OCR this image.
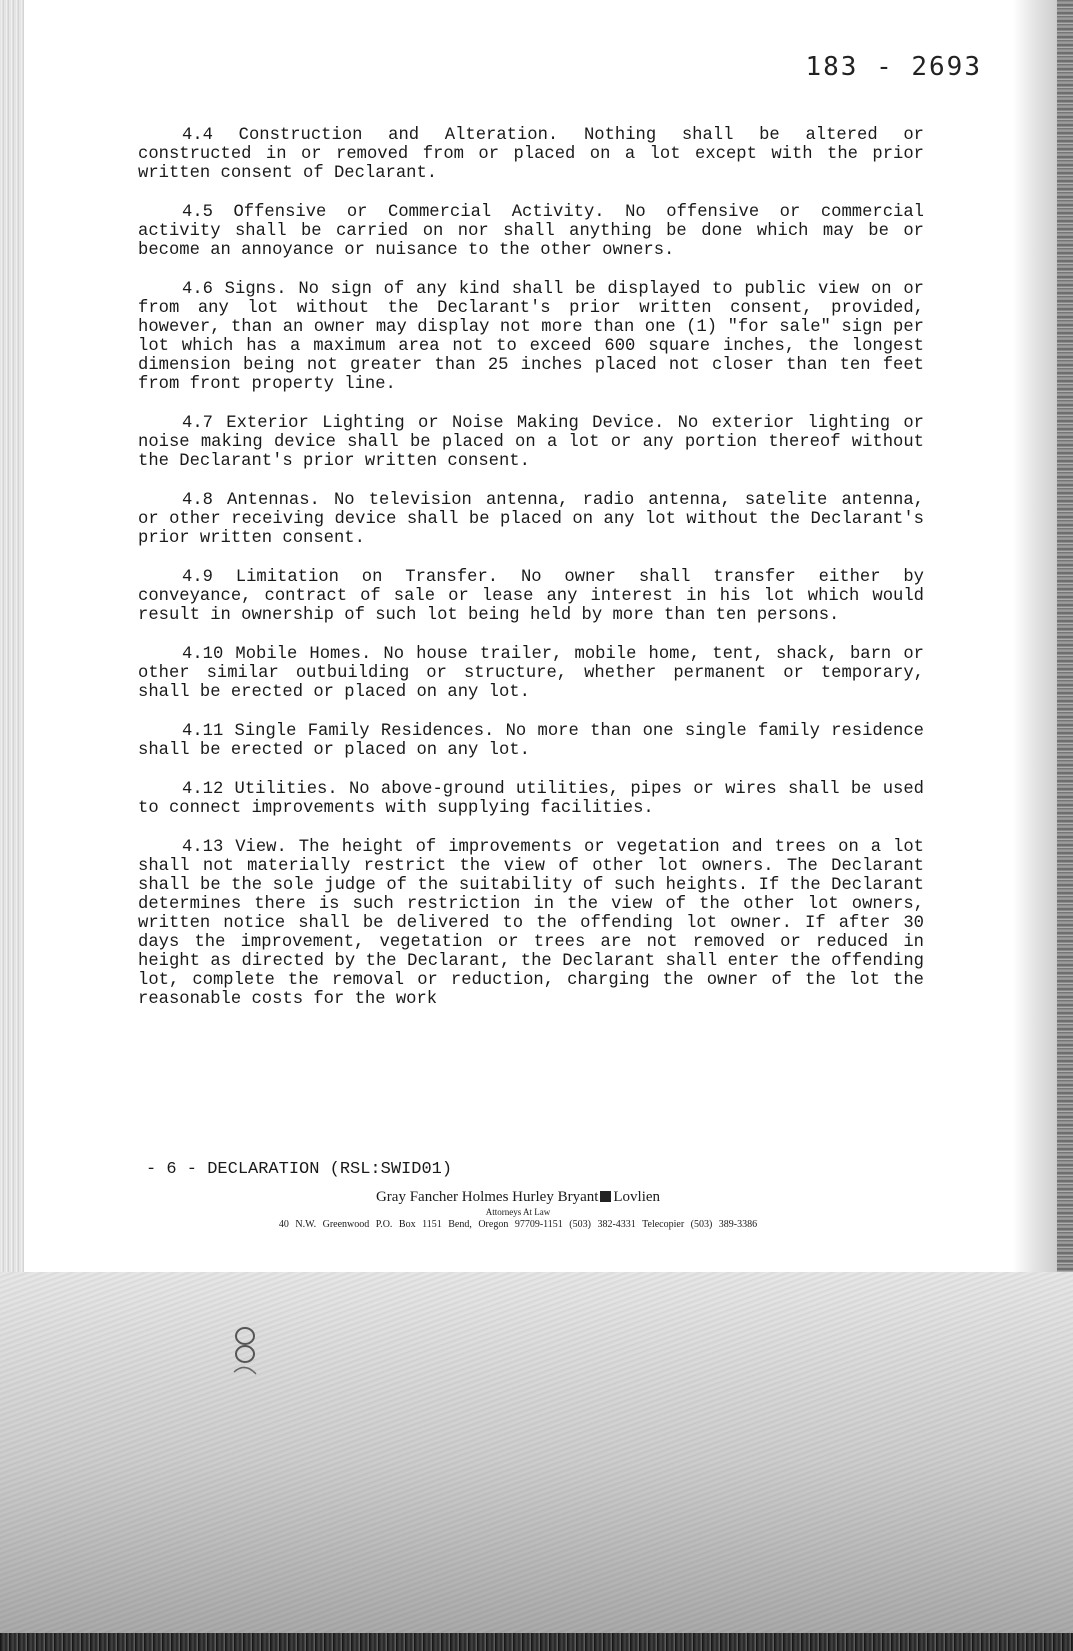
183 - 2693

4.4 Construction and Alteration. Nothing shall be altered or constructed in or removed from or placed on a lot except with the prior written consent of Declarant.

4.5 Offensive or Commercial Activity. No offensive or commercial activity shall be carried on nor shall anything be done which may be or become an annoyance or nuisance to the other owners.

4.6 Signs. No sign of any kind shall be displayed to public view on or from any lot without the Declarant's prior written consent, provided, however, than an owner may display not more than one (1) "for sale" sign per lot which has a maximum area not to exceed 600 square inches, the longest dimension being not greater than 25 inches placed not closer than ten feet from front property line.

4.7 Exterior Lighting or Noise Making Device. No exterior lighting or noise making device shall be placed on a lot or any portion thereof without the Declarant's prior written consent.

4.8 Antennas. No television antenna, radio antenna, satelite antenna, or other receiving device shall be placed on any lot without the Declarant's prior written consent.

4.9 Limitation on Transfer. No owner shall transfer either by conveyance, contract of sale or lease any interest in his lot which would result in ownership of such lot being held by more than ten persons.

4.10 Mobile Homes. No house trailer, mobile home, tent, shack, barn or other similar outbuilding or structure, whether permanent or temporary, shall be erected or placed on any lot.

4.11 Single Family Residences. No more than one single family residence shall be erected or placed on any lot.

4.12 Utilities. No above-ground utilities, pipes or wires shall be used to connect improvements with supplying facilities.

4.13 View. The height of improvements or vegetation and trees on a lot shall not materially restrict the view of other lot owners. The Declarant shall be the sole judge of the suitability of such heights. If the Declarant determines there is such restriction in the view of the other lot owners, written notice shall be delivered to the offending lot owner. If after 30 days the improvement, vegetation or trees are not removed or reduced in height as directed by the Declarant, the Declarant shall enter the offending lot, complete the removal or reduction, charging the owner of the lot the reasonable costs for the work

- 6 - DECLARATION (RSL:SWID01)
Gray Fancher Holmes Hurley Bryant Lovlien
Attorneys At Law
40 N.W. Greenwood P.O. Box 1151 Bend, Oregon 97709-1151 (503) 382-4331 Telecopier (503) 389-3386
